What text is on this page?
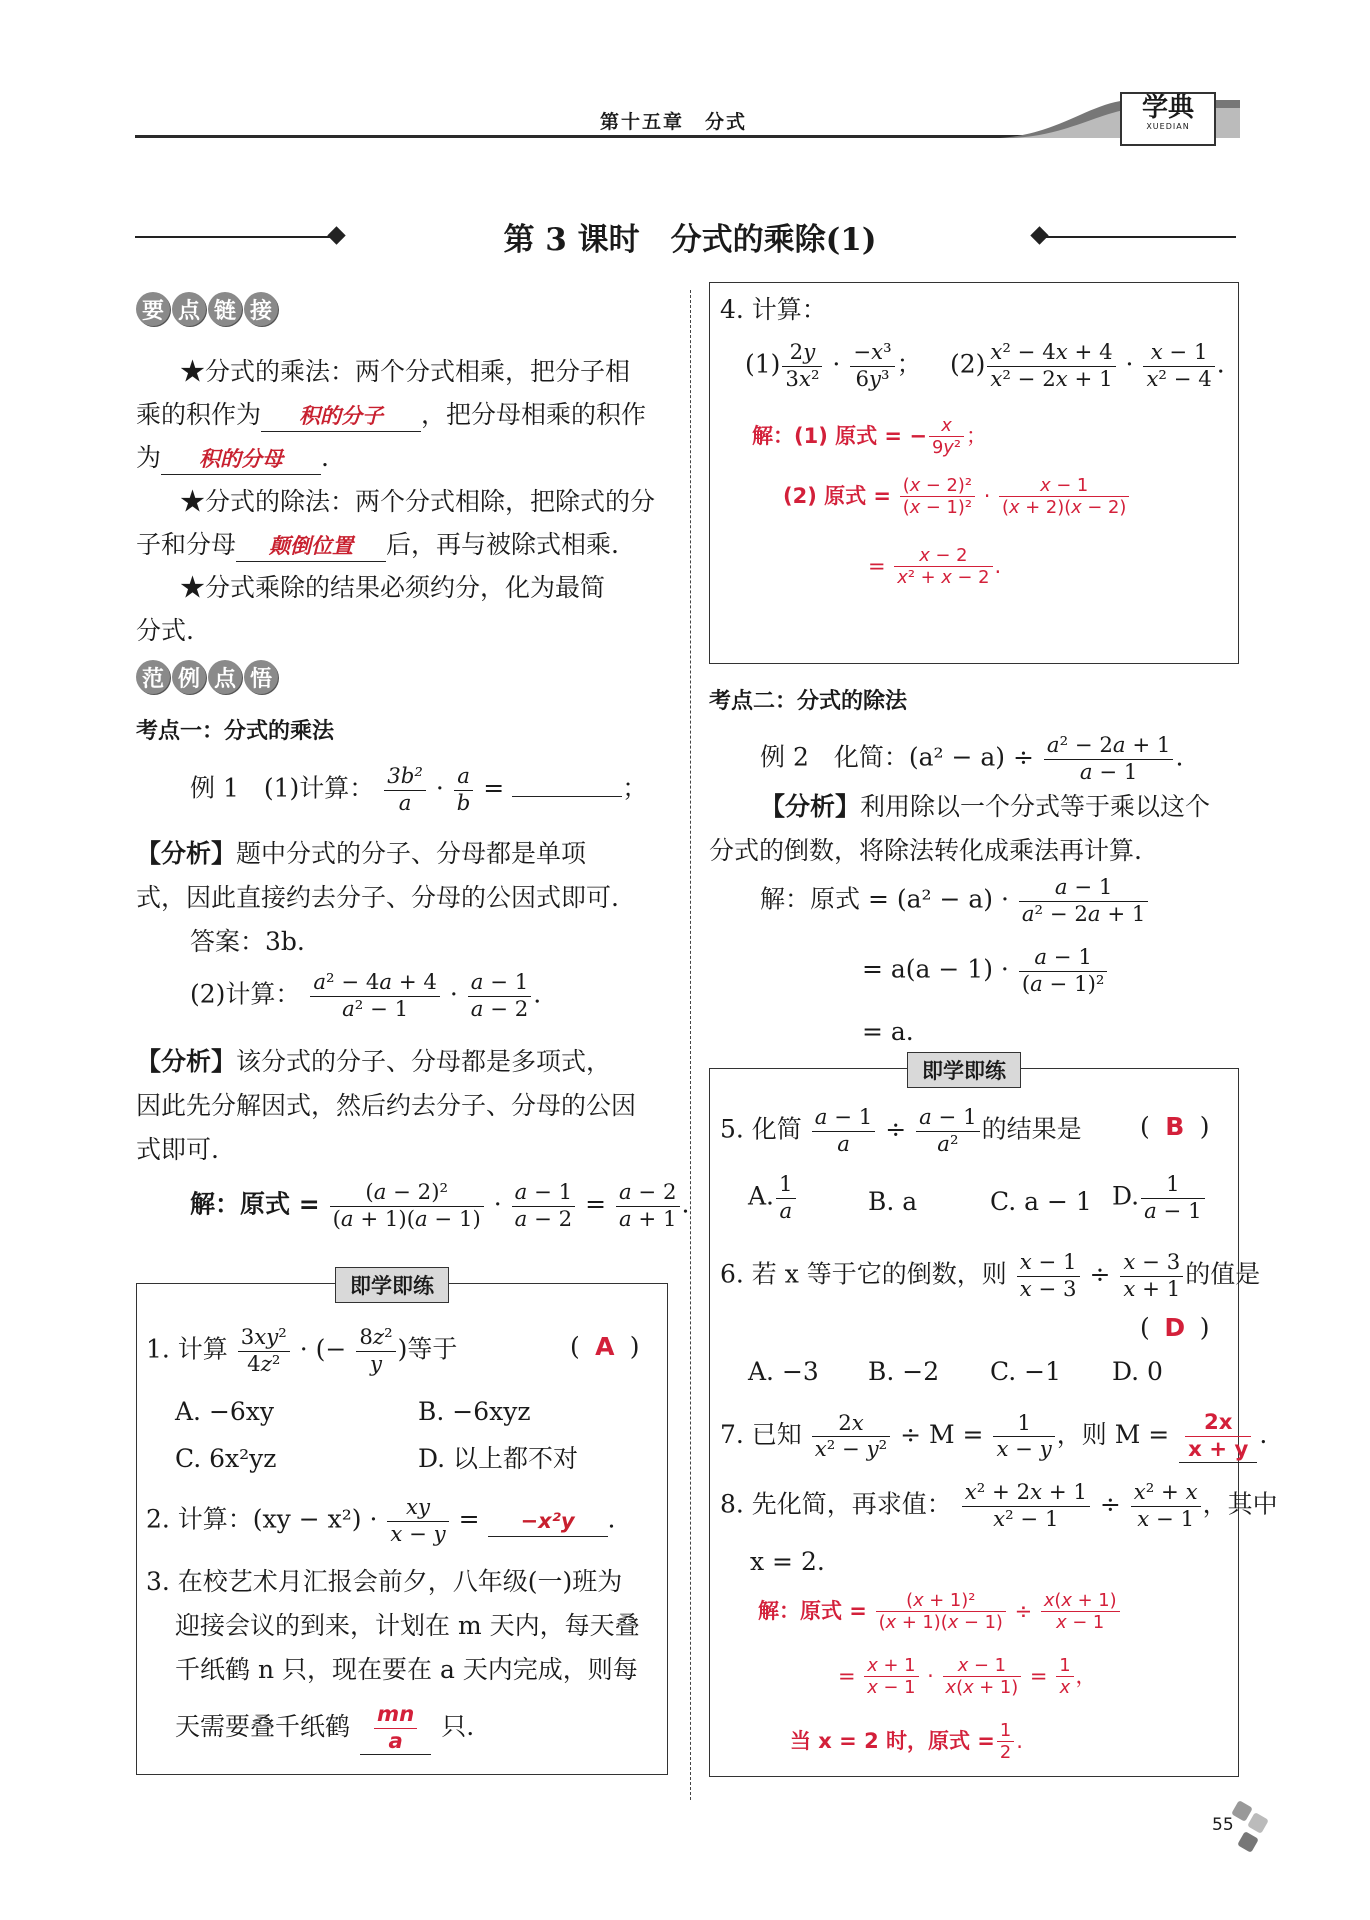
第十五章　分式	学典
XUEDIAN
第 3 课时　分式的乘除(1)
要 点 链 接
★分式的乘法：两个分式相乘，把分子相
乘的积作为 积的分子 ，把分母相乘的积作
为 积的分母 .
★分式的除法：两个分式相除，把除式的分
子和分母 颠倒位置 后，再与被除式相乘.
★分式乘除的结果必须约分，化为最简
分式.
范 例 点 悟
考点一：分式的乘法
例 1　(1)计算： $\frac{\text{3b²}}{a} \cdot \frac{a}{b}$ =	；
【分析】题中分式的分子、分母都是单项
式，因此直接约去分子、分母的公因式即可.
答案：3b.
(2)计算： $\frac{\text{a² − 4a + 4}}{\text{a² − 1}} \cdot \frac{a - 1}{a - 2}$ .
【分析】该分式的分子、分母都是多项式，
因此先分解因式，然后约去分子、分母的公因
式即可.
解：原式 = $\frac{\text{(a − 2)²}}{(a + 1)(a - 1)} \cdot \frac{a - 1}{a - 2} = \frac{a - 2}{a + 1}$ .
即学即练
1. 计算 $\frac{\text{3xy²}}{\text{4z²}}$ · (− $\frac{\text{8z²}}{y}$ )等于	( A )
A. −6xy	B. −6xyz
C. 6x²yz	D. 以上都不对
2. 计算：$(xy - x^2) \cdot \frac{xy}{x - y} = -x^2y$ .
3. 在校艺术月汇报会前夕，八年级(一)班为
迎接会议的到来，计划在 m 天内，每天叠
千纸鹤 n 只，现在要在 a 天内完成，则每
天需要叠千纸鹤 $\frac{mn}{a}$ 只.
4. 计算：
$(1) \frac{2y}{\text{3x²}} \cdot \frac{\text{−x³}}{\text{6y³}}$ ； $(2) \frac{\text{x² − 4x + 4}}{\text{x² − 2x + 1}} \cdot \frac{x - 1}{\text{x² − 4}}$ .
解：(1) 原式 = − $\frac{x}{\text{9y²}}$ ；
(2) 原式 = $\frac{\text{(x − 2)²}}{\text{(x − 1)²}} \cdot \frac{x - 1}{(x + 2)(x - 2)}$
= $\frac{x - 2}{\text{x² + x − 2}}$ .
考点二：分式的除法
例 2　化简：$(a^2 - a) \div \frac{\text{a² − 2a + 1}}{a - 1}$ .
【分析】利用除以一个分式等于乘以这个
分式的倒数，将除法转化成乘法再计算.
解：原式 = $(a^2 - a) \cdot \frac{a - 1}{\text{a² − 2a + 1}}$
= $a(a - 1) \cdot \frac{a - 1}{\text{(a − 1)²}}$
= a.
即学即练
5. 化简 $\frac{a - 1}{a} \div \frac{a - 1}{\text{a²}}$ 的结果是 ( B )
A. $\frac{1}{a}$	B. a	C. a − 1 D. $\frac{1}{a - 1}$
6. 若 x 等于它的倒数，则 $\frac{x - 1}{x - 3} \div \frac{x - 3}{x + 1}$ 的值是
( D )
A. −3 B. −2 C. −1 D. 0
7. 已知 $\frac{2x}{\text{x² − y²}} \div M = \frac{1}{x - y}$ ，则 $M = \frac{2x}{x + y}$ .
8. 先化简，再求值： $\frac{\text{x² + 2x + 1}}{\text{x² − 1}} \div \frac{\text{x² + x}}{x - 1}$ ，其中
x = 2.
解：原式 = $\frac{\text{(x + 1)²}}{(x + 1)(x - 1)} \div \frac{x(x + 1)}{x - 1}$
= $\frac{x + 1}{x - 1} \cdot \frac{x - 1}{x(x + 1)} = \frac{1}{x}$ ，
当 x = 2 时，原式 = $\frac{1}{2}$ .
55
